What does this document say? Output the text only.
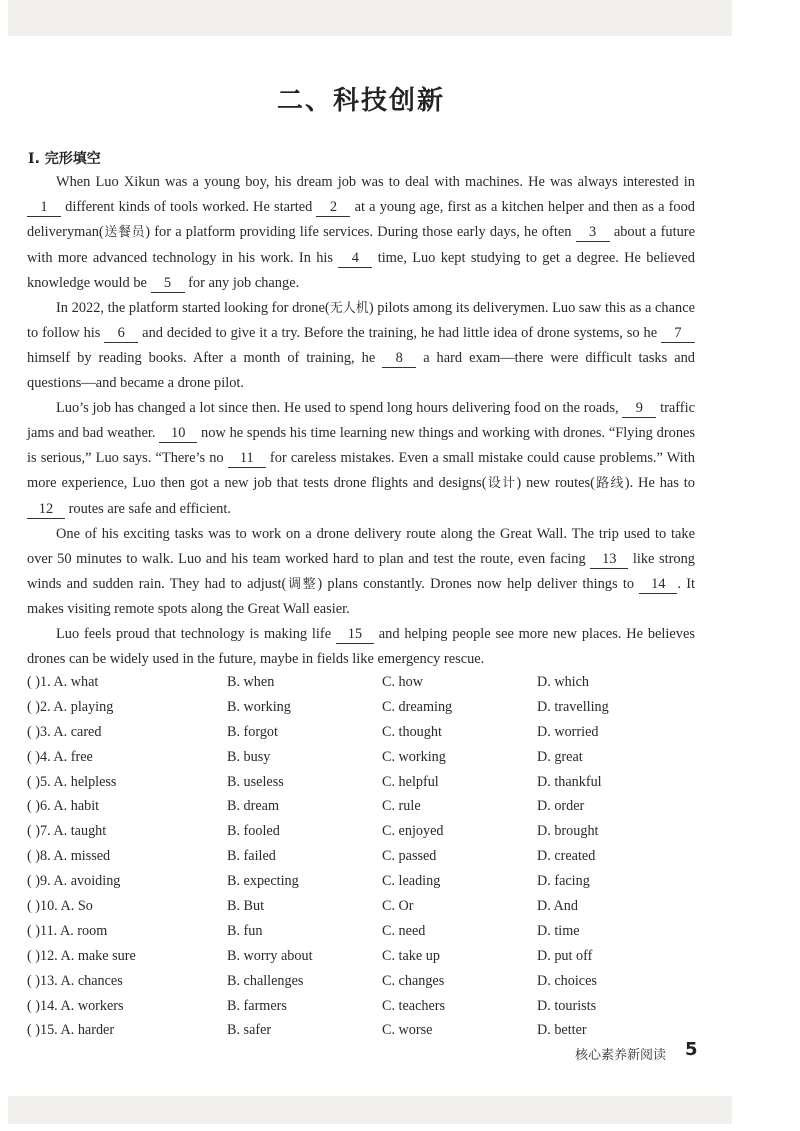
二、科技创新
Ⅰ. 完形填空

When Luo Xikun was a young boy, his dream job was to deal with machines. He was always interested in 1 different kinds of tools worked. He started 2 at a young age, first as a kitchen helper and then as a food deliveryman(送餐员) for a platform providing life services. During those early days, he often 3 about a future with more advanced technology in his work. In his 4 time, Luo kept studying to get a degree. He believed knowledge would be 5 for any job change.

In 2022, the platform started looking for drone(无人机) pilots among its deliverymen. Luo saw this as a chance to follow his 6 and decided to give it a try. Before the training, he had little idea of drone systems, so he 7 himself by reading books. After a month of training, he 8 a hard exam—there were difficult tasks and questions—and became a drone pilot.

Luo’s job has changed a lot since then. He used to spend long hours delivering food on the roads, 9 traffic jams and bad weather. 10 now he spends his time learning new things and working with drones. “Flying drones is serious,” Luo says. “There’s no 11 for careless mistakes. Even a small mistake could cause problems.” With more experience, Luo then got a new job that tests drone flights and designs(设计) new routes(路线). He has to 12 routes are safe and efficient.

One of his exciting tasks was to work on a drone delivery route along the Great Wall. The trip used to take over 50 minutes to walk. Luo and his team worked hard to plan and test the route, even facing 13 like strong winds and sudden rain. They had to adjust(调整) plans constantly. Drones now help deliver things to 14 . It makes visiting remote spots along the Great Wall easier.

Luo feels proud that technology is making life 15 and helping people see more new places. He believes drones can be widely used in the future, maybe in fields like emergency rescue.

( )1. A. what	B. when	C. how	D. which
( )2. A. playing	B. working	C. dreaming	D. travelling
( )3. A. cared	B. forgot	C. thought	D. worried
( )4. A. free	B. busy	C. working	D. great
( )5. A. helpless	B. useless	C. helpful	D. thankful
( )6. A. habit	B. dream	C. rule	D. order
( )7. A. taught	B. fooled	C. enjoyed	D. brought
( )8. A. missed	B. failed	C. passed	D. created
( )9. A. avoiding	B. expecting	C. leading	D. facing
( )10. A. So	B. But	C. Or	D. And
( )11. A. room	B. fun	C. need	D. time
( )12. A. make sure	B. worry about	C. take up	D. put off
( )13. A. chances	B. challenges	C. changes	D. choices
( )14. A. workers	B. farmers	C. teachers	D. tourists
( )15. A. harder	B. safer	C. worse	D. better
核心素养新阅读 5
